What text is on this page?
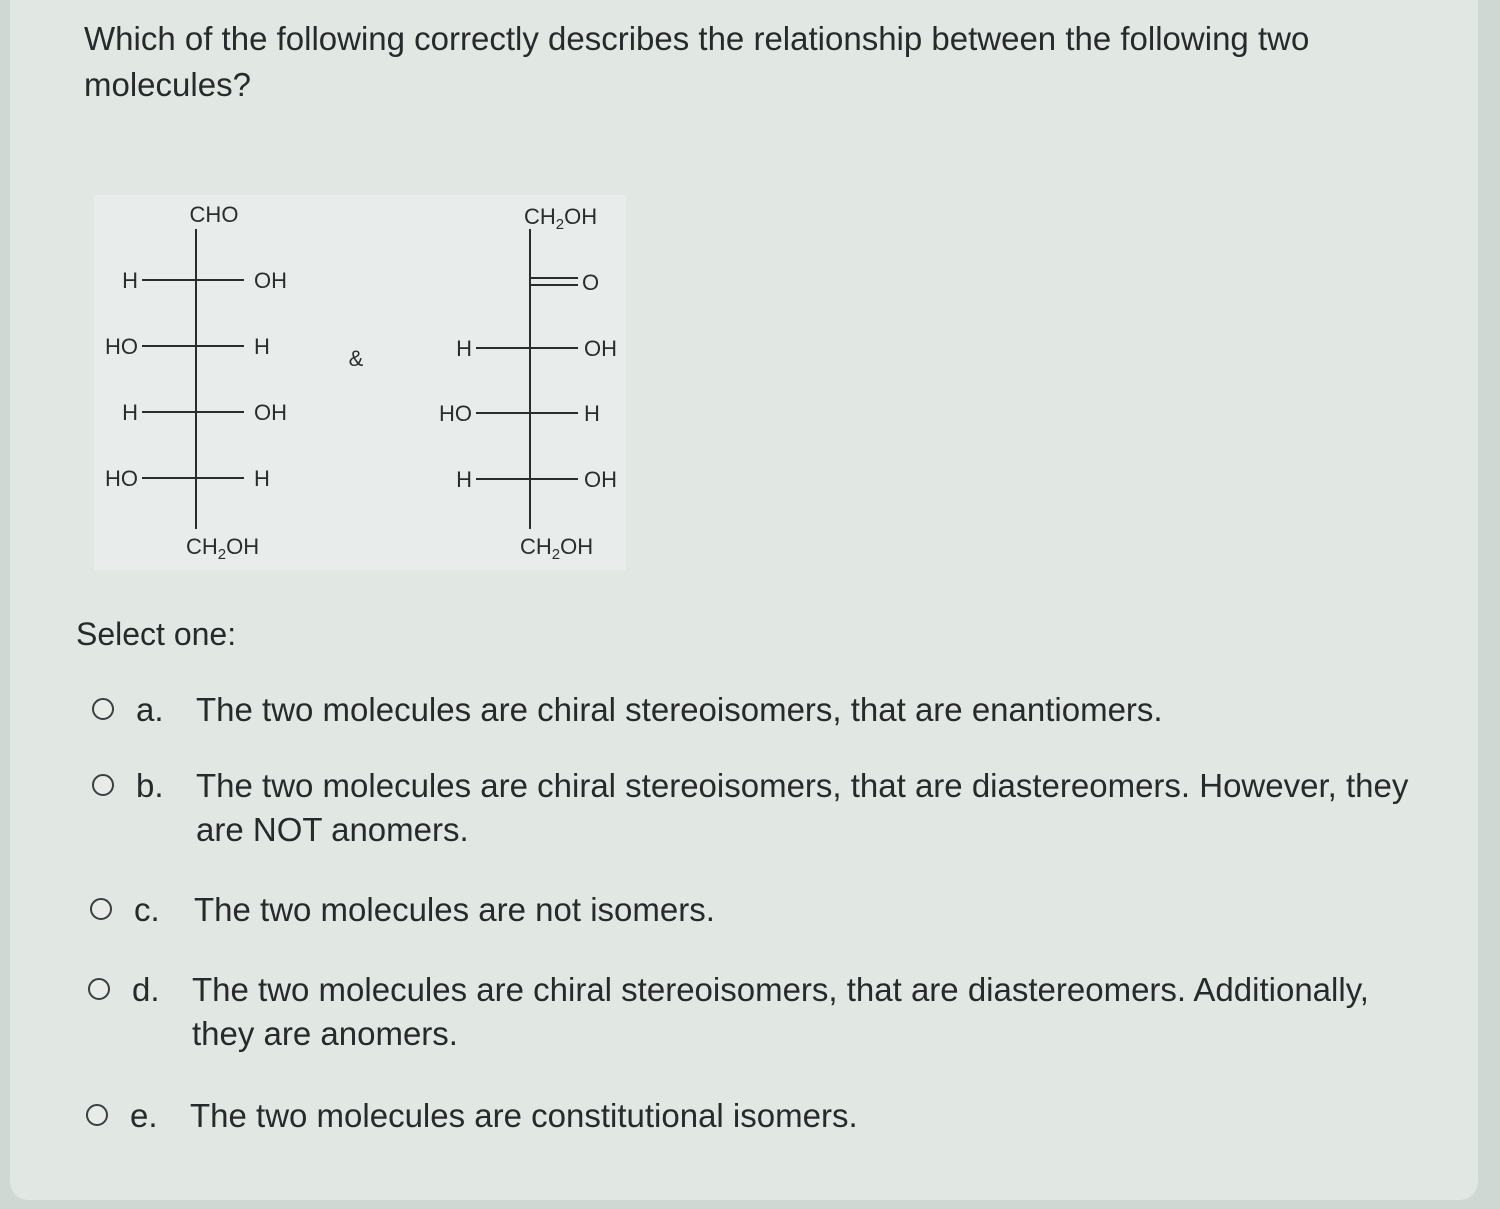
Which of the following correctly describes the relationship between the following two molecules?
CHO
H	OH
HO	H
H	OH
HO	H
$CH_2OH$
&
$CH_2OH$
O
H	OH
HO	H
H	OH
$CH_2OH$

Select one:

a. The two molecules are chiral stereoisomers, that are enantiomers.
b. The two molecules are chiral stereoisomers, that are diastereomers. However, they are NOT anomers.
c.	The two molecules are not isomers.
d. The two molecules are chiral stereoisomers, that are diastereomers. Additionally, they are anomers.
e. The two molecules are constitutional isomers.
